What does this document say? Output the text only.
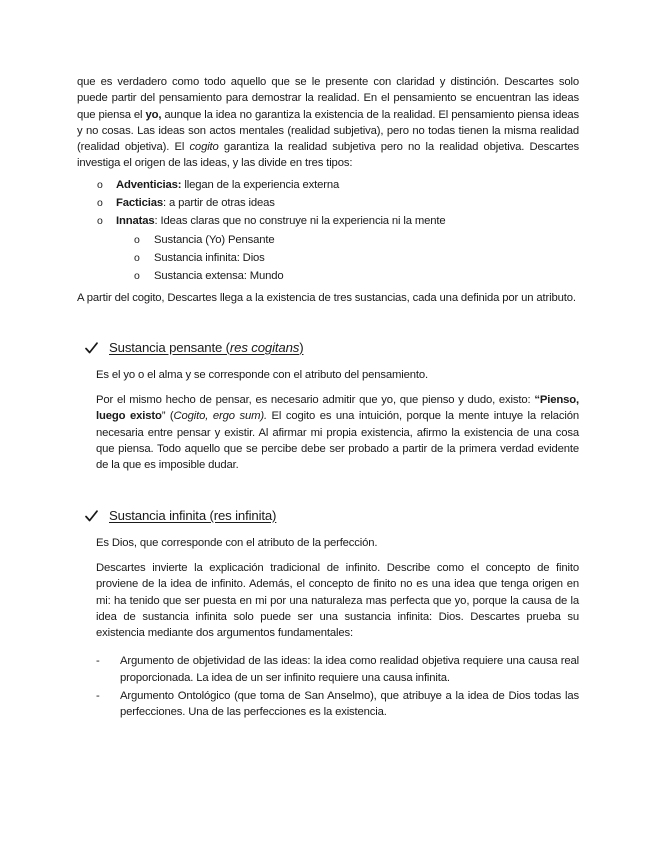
que es verdadero como todo aquello que se le presente con claridad y distinción. Descartes solo puede partir del pensamiento para demostrar la realidad. En el pensamiento se encuentran las ideas que piensa el yo, aunque la idea no garantiza la existencia de la realidad. El pensamiento piensa ideas y no cosas. Las ideas son actos mentales (realidad subjetiva), pero no todas tienen la misma realidad (realidad objetiva). El cogito garantiza la realidad subjetiva pero no la realidad objetiva. Descartes investiga el origen de las ideas, y las divide en tres tipos:

o Adventicias: llegan de la experiencia externa
o Facticias: a partir de otras ideas
o Innatas: Ideas claras que no construye ni la experiencia ni la mente
o Sustancia (Yo) Pensante
o Sustancia infinita: Dios
o Sustancia extensa: Mundo

A partir del cogito, Descartes llega a la existencia de tres sustancias, cada una definida por un atributo.

Sustancia pensante (res cogitans)

Es el yo o el alma y se corresponde con el atributo del pensamiento.

Por el mismo hecho de pensar, es necesario admitir que yo, que pienso y dudo, existo: “Pienso, luego existo” (Cogito, ergo sum). El cogito es una intuición, porque la mente intuye la relación necesaria entre pensar y existir. Al afirmar mi propia existencia, afirmo la existencia de una cosa que piensa. Todo aquello que se percibe debe ser probado a partir de la primera verdad evidente de la que es imposible dudar.

Sustancia infinita (res infinita)

Es Dios, que corresponde con el atributo de la perfección.

Descartes invierte la explicación tradicional de infinito. Describe como el concepto de finito proviene de la idea de infinito. Además, el concepto de finito no es una idea que tenga origen en mi: ha tenido que ser puesta en mi por una naturaleza mas perfecta que yo, porque la causa de la idea de sustancia infinita solo puede ser una sustancia infinita: Dios. Descartes prueba su existencia mediante dos argumentos fundamentales:

- Argumento de objetividad de las ideas: la idea como realidad objetiva requiere una causa real proporcionada. La idea de un ser infinito requiere una causa infinita.
- Argumento Ontológico (que toma de San Anselmo), que atribuye a la idea de Dios todas las perfecciones. Una de las perfecciones es la existencia.
